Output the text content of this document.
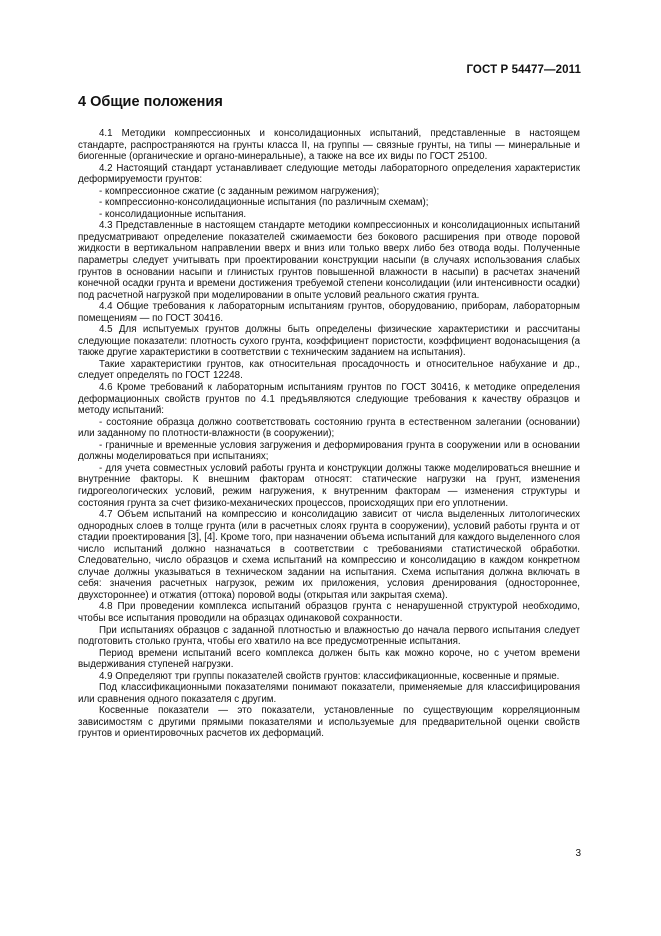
ГОСТ Р 54477—2011
4 Общие положения

4.1 Методики компрессионных и консолидационных испытаний, представленные в настоящем стандарте, распространяются на грунты класса II, на группы — связные грунты, на типы — минеральные и биогенные (органические и органо-минеральные), а также на все их виды по ГОСТ 25100.

4.2 Настоящий стандарт устанавливает следующие методы лабораторного определения характеристик деформируемости грунтов:

- компрессионное сжатие (с заданным режимом нагружения);

- компрессионно-консолидационные испытания (по различным схемам);

- консолидационные испытания.

4.3 Представленные в настоящем стандарте методики компрессионных и консолидационных испытаний предусматривают определение показателей сжимаемости без бокового расширения при отводе поровой жидкости в вертикальном направлении вверх и вниз или только вверх либо без отвода воды. Полученные параметры следует учитывать при проектировании конструкции насыпи (в случаях использования слабых грунтов в основании насыпи и глинистых грунтов повышенной влажности в насыпи) в расчетах значений конечной осадки грунта и времени достижения требуемой степени консолидации (или интенсивности осадки) под расчетной нагрузкой при моделировании в опыте условий реального сжатия грунта.

4.4 Общие требования к лабораторным испытаниям грунтов, оборудованию, приборам, лабораторным помещениям — по ГОСТ 30416.

4.5 Для испытуемых грунтов должны быть определены физические характеристики и рассчитаны следующие показатели: плотность сухого грунта, коэффициент пористости, коэффициент водонасыщения (а также другие характеристики в соответствии с техническим заданием на испытания).

Такие характеристики грунтов, как относительная просадочность и относительное набухание и др., следует определять по ГОСТ 12248.

4.6 Кроме требований к лабораторным испытаниям грунтов по ГОСТ 30416, к методике определения деформационных свойств грунтов по 4.1 предъявляются следующие требования к качеству образцов и методу испытаний:

- состояние образца должно соответствовать состоянию грунта в естественном залегании (основании) или заданному по плотности-влажности (в сооружении);

- граничные и временные условия загружения и деформирования грунта в сооружении или в основании должны моделироваться при испытаниях;

- для учета совместных условий работы грунта и конструкции должны также моделироваться внешние и внутренние факторы. К внешним факторам относят: статические нагрузки на грунт, изменения гидрогеологических условий, режим нагружения, к внутренним факторам — изменения структуры и состояния грунта за счет физико-механических процессов, происходящих при его уплотнении.

4.7 Объем испытаний на компрессию и консолидацию зависит от числа выделенных литологических однородных слоев в толще грунта (или в расчетных слоях грунта в сооружении), условий работы грунта и от стадии проектирования [3], [4]. Кроме того, при назначении объема испытаний для каждого выделенного слоя число испытаний должно назначаться в соответствии с требованиями статистической обработки. Следовательно, число образцов и схема испытаний на компрессию и консолидацию в каждом конкретном случае должны указываться в техническом задании на испытания. Схема испытания должна включать в себя: значения расчетных нагрузок, режим их приложения, условия дренирования (одностороннее, двухстороннее) и отжатия (оттока) поровой воды (открытая или закрытая схема).

4.8 При проведении комплекса испытаний образцов грунта с ненарушенной структурой необходимо, чтобы все испытания проводили на образцах одинаковой сохранности.

При испытаниях образцов с заданной плотностью и влажностью до начала первого испытания следует подготовить столько грунта, чтобы его хватило на все предусмотренные испытания.

Период времени испытаний всего комплекса должен быть как можно короче, но с учетом времени выдерживания ступеней нагрузки.

4.9 Определяют три группы показателей свойств грунтов: классификационные, косвенные и прямые.

Под классификационными показателями понимают показатели, применяемые для классифицирования или сравнения одного показателя с другим.

Косвенные показатели — это показатели, установленные по существующим корреляционным зависимостям с другими прямыми показателями и используемые для предварительной оценки свойств грунтов и ориентировочных расчетов их деформаций.

3
